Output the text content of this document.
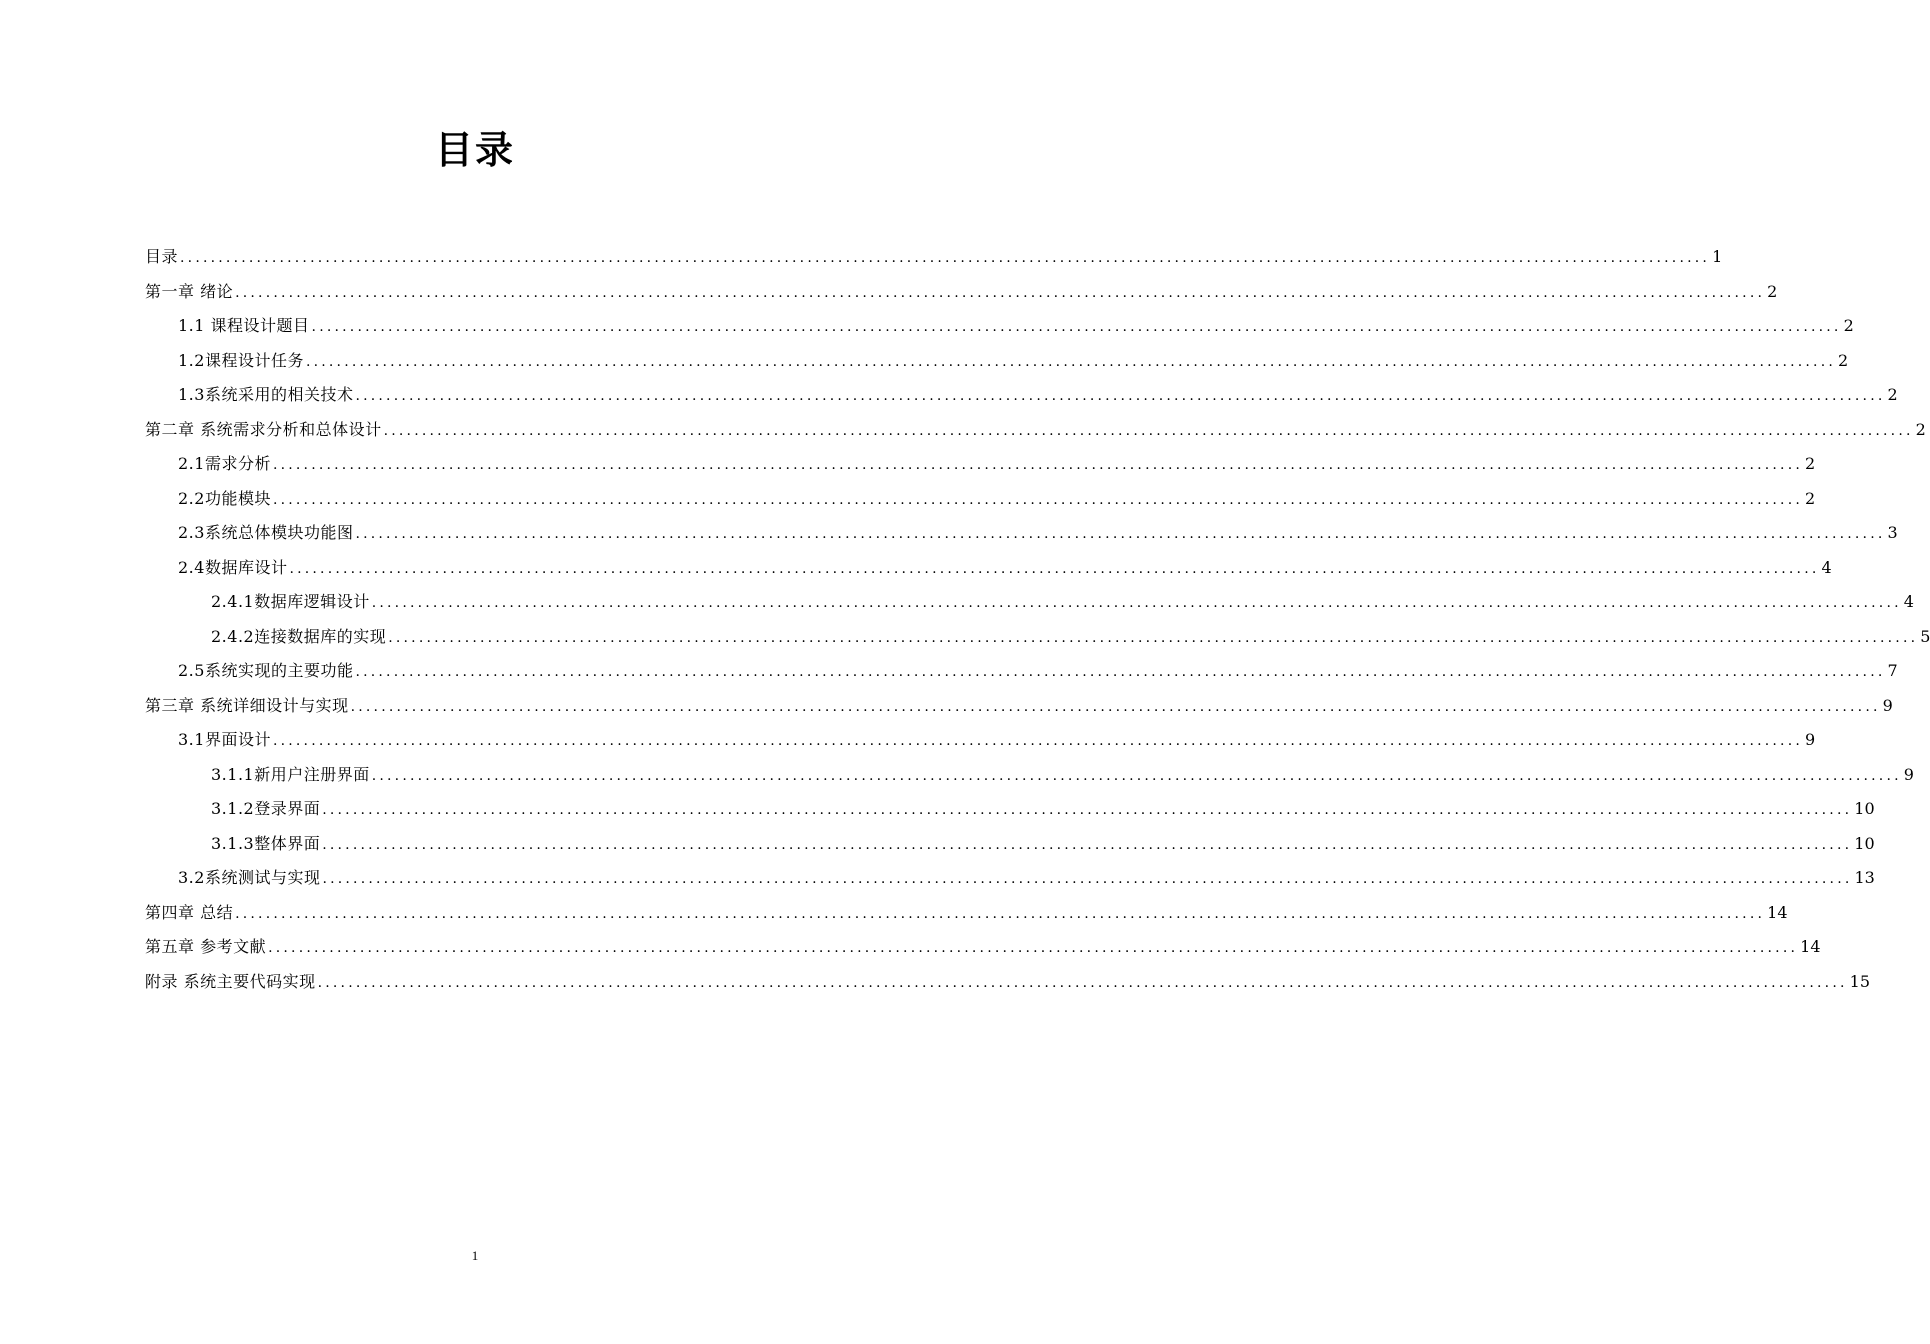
目录
目录 ........................................................................................................................................................................................................ 1
第一章 绪论 ........................................................................................................................................................................................................ 2
1.1 课程设计题目 ........................................................................................................................................................................................................ 2
1.2课程设计任务 ........................................................................................................................................................................................................ 2
1.3系统采用的相关技术 ........................................................................................................................................................................................................ 2
第二章 系统需求分析和总体设计 ........................................................................................................................................................................................................ 2
2.1需求分析 ........................................................................................................................................................................................................ 2
2.2功能模块 ........................................................................................................................................................................................................ 2
2.3系统总体模块功能图 ........................................................................................................................................................................................................ 3
2.4数据库设计 ........................................................................................................................................................................................................ 4
2.4.1数据库逻辑设计 ........................................................................................................................................................................................................ 4
2.4.2连接数据库的实现 ........................................................................................................................................................................................................ 5
2.5系统实现的主要功能 ........................................................................................................................................................................................................ 7
第三章 系统详细设计与实现 ........................................................................................................................................................................................................ 9
3.1界面设计 ........................................................................................................................................................................................................ 9
3.1.1新用户注册界面 ........................................................................................................................................................................................................ 9
3.1.2登录界面 ........................................................................................................................................................................................................ 10
3.1.3整体界面 ........................................................................................................................................................................................................ 10
3.2系统测试与实现 ........................................................................................................................................................................................................ 13
第四章 总结 ........................................................................................................................................................................................................ 14
第五章 参考文献 ........................................................................................................................................................................................................ 14
附录 系统主要代码实现 ........................................................................................................................................................................................................ 15
1
